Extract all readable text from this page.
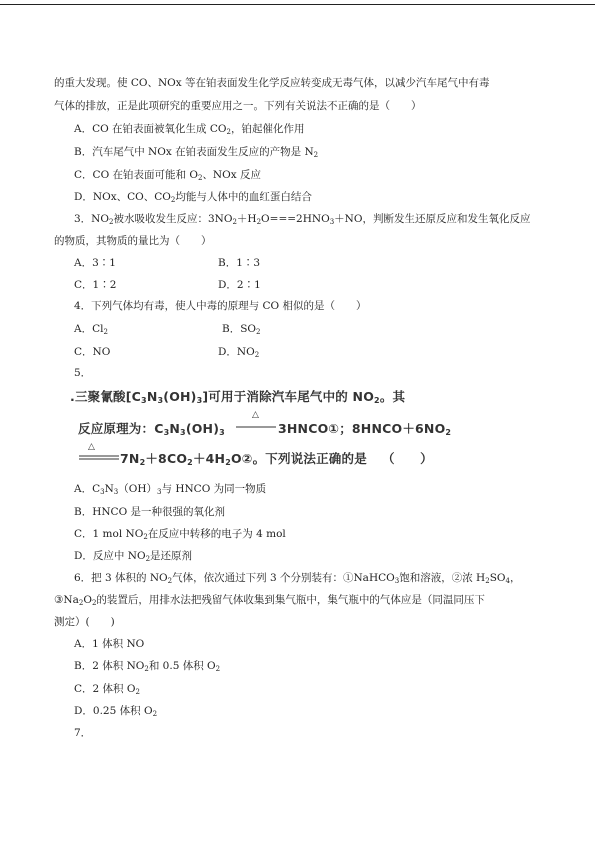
的重大发现。使 CO、NOx 等在铂表面发生化学反应转变成无毒气体，以减少汽车尾气中有毒
气体的排放，正是此项研究的重要应用之一。下列有关说法不正确的是（　　）
A．CO 在铂表面被氧化生成 $CO_2$，铂起催化作用
B．汽车尾气中 NOx 在铂表面发生反应的产物是 $N_2$
C．CO 在铂表面可能和 $O_2$、NOx 反应
D．NOx、CO、$CO_2$均能与人体中的血红蛋白结合
3．$NO_2$被水吸收发生反应：$3NO_2+H_2O===2HNO_3+NO$，判断发生还原反应和发生氧化反应
的物质，其物质的量比为（　　）
A．3∶1	B．1∶3
C．1∶2	D．2∶1
4．下列气体均有毒，使人中毒的原理与 CO 相似的是（　　）
A．$Cl_2$	B．$SO_2$
C．NO	D．$NO_2$
5．
.三聚氰酸$[C_3N_3(OH)_3]$可用于消除汽车尾气中的 $NO_2$。其
反应原理为：$C_3N_3(OH)_3$
△
3HNCO①；$8HNCO+6NO_2$
△
$7N_2+8CO_2+4H_2O②$。下列说法正确的是 （　　）
A．$C_3N_3(OH)_3$与 HNCO 为同一物质
B．HNCO 是一种很强的氧化剂
C．1 mol $NO_2$在反应中转移的电子为 4 mol
D．反应中 $NO_2$是还原剂
6．把 3 体积的 $NO_2$气体，依次通过下列 3 个分别装有：①NaHCO$_3$饱和溶液，②浓 $H_2SO_4$，
$③Na_2O_2$的装置后，用排水法把残留气体收集到集气瓶中，集气瓶中的气体应是（同温同压下
测定）(　　)
A．1 体积 NO
B．2 体积 $NO_2$和 0.5 体积 $O_2$
C．2 体积 $O_2$
D．0.25 体积 $O_2$
7．
